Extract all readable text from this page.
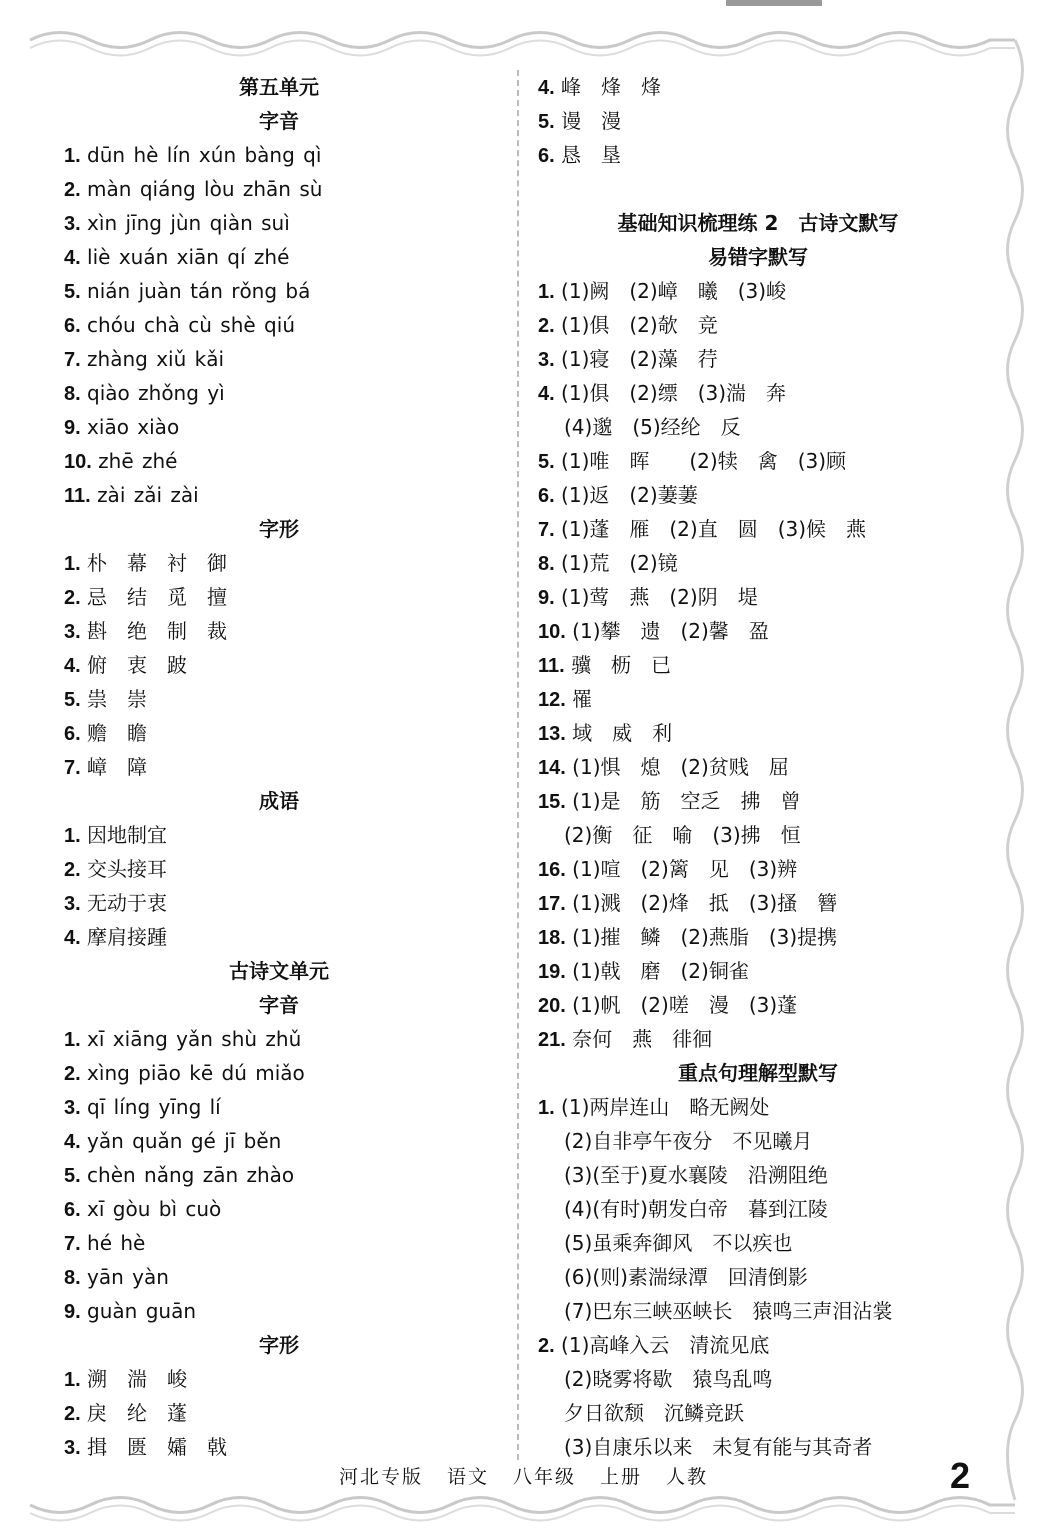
第五单元
字音
1. dūn hè lín xún bàng qì
2. màn qiáng lòu zhān sù
3. xìn jīng jùn qiàn suì
4. liè xuán xiān qí zhé
5. nián juàn tán rǒng bá
6. chóu chà cù shè qiú
7. zhàng xiǔ kǎi
8. qiào zhǒng yì
9. xiāo xiào
10. zhē zhé
11. zài zǎi zài
字形
1. 朴　幕　衬　御
2. 忌　结　觅　擅
3. 斟　绝　制　裁
4. 俯　衷　跛
5. 祟　崇
6. 赡　瞻
7. 嶂　障
成语
1. 因地制宜
2. 交头接耳
3. 无动于衷
4. 摩肩接踵
古诗文单元
字音
1. xī xiāng yǎn shù zhǔ
2. xìng piāo kē dú miǎo
3. qī líng yīng lí
4. yǎn quǎn gé jī běn
5. chèn nǎng zān zhào
6. xī gòu bì cuò
7. hé hè
8. yān yàn
9. guàn guān
字形
1. 溯　湍　峻
2. 戾　纶　蓬
3. 揖　匮　孀　戟
4. 峰　烽　烽
5. 谩　漫
6. 恳　垦
基础知识梳理练 2　古诗文默写
易错字默写
1. (1)阙　(2)嶂　曦　(3)峻
2. (1)俱　(2)欹　竞
3. (1)寝　(2)藻　荇
4. (1)俱　(2)缥　(3)湍　奔
(4)邈　(5)经纶　反
5. (1)唯　晖　　(2)犊　禽　(3)顾
6. (1)返　(2)萋萋
7. (1)蓬　雁　(2)直　圆　(3)候　燕
8. (1)荒　(2)镜
9. (1)莺　燕　(2)阴　堤
10. (1)攀　遗　(2)馨　盈
11. 骥　枥　已
12. 罹
13. 域　威　利
14. (1)惧　熄　(2)贫贱　屈
15. (1)是　筋　空乏　拂　曾
(2)衡　征　喻　(3)拂　恒
16. (1)喧　(2)篱　见　(3)辨
17. (1)溅　(2)烽　抵　(3)搔　簪
18. (1)摧　鳞　(2)燕脂　(3)提携
19. (1)戟　磨　(2)铜雀
20. (1)帆　(2)嗟　漫　(3)蓬
21. 奈何　燕　徘徊
重点句理解型默写
1. (1)两岸连山　略无阙处
(2)自非亭午夜分　不见曦月
(3)(至于)夏水襄陵　沿溯阻绝
(4)(有时)朝发白帝　暮到江陵
(5)虽乘奔御风　不以疾也
(6)(则)素湍绿潭　回清倒影
(7)巴东三峡巫峡长　猿鸣三声泪沾裳
2. (1)高峰入云　清流见底
(2)晓雾将歇　猿鸟乱鸣
夕日欲颓　沉鳞竞跃
(3)自康乐以来　未复有能与其奇者
河北专版 语文 八年级 上册 人教	2
